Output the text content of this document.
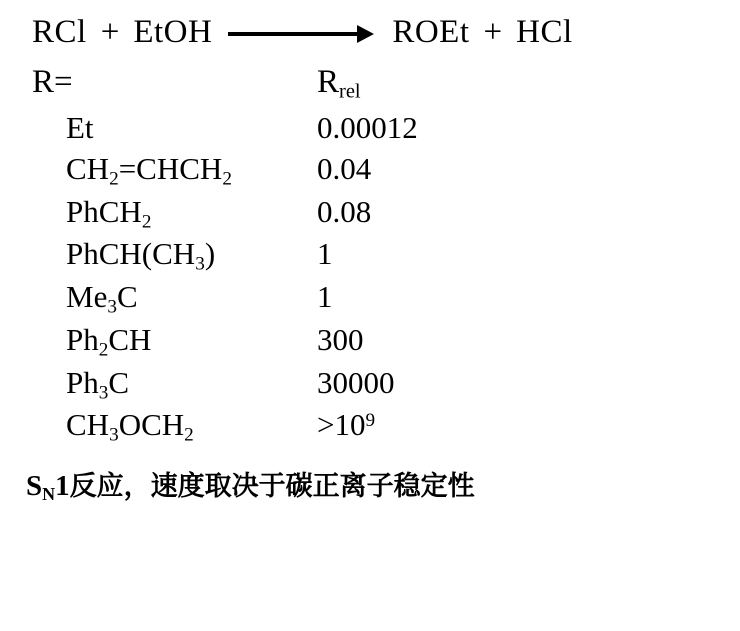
RCl + EtOH	ROEt + HCl
R=	$R_{rel}$
Et	0.00012
$CH_2=CHCH_2$	0.04
PhCH$_2$	0.08
$PhCH(CH_3)$	1
$Me_3C$	1
$Ph_2CH$	300
$Ph_3C$	30000
$CH_3OCH_2$	$>10^9$
$S_N1$反应，速度取决于碳正离子稳定性
